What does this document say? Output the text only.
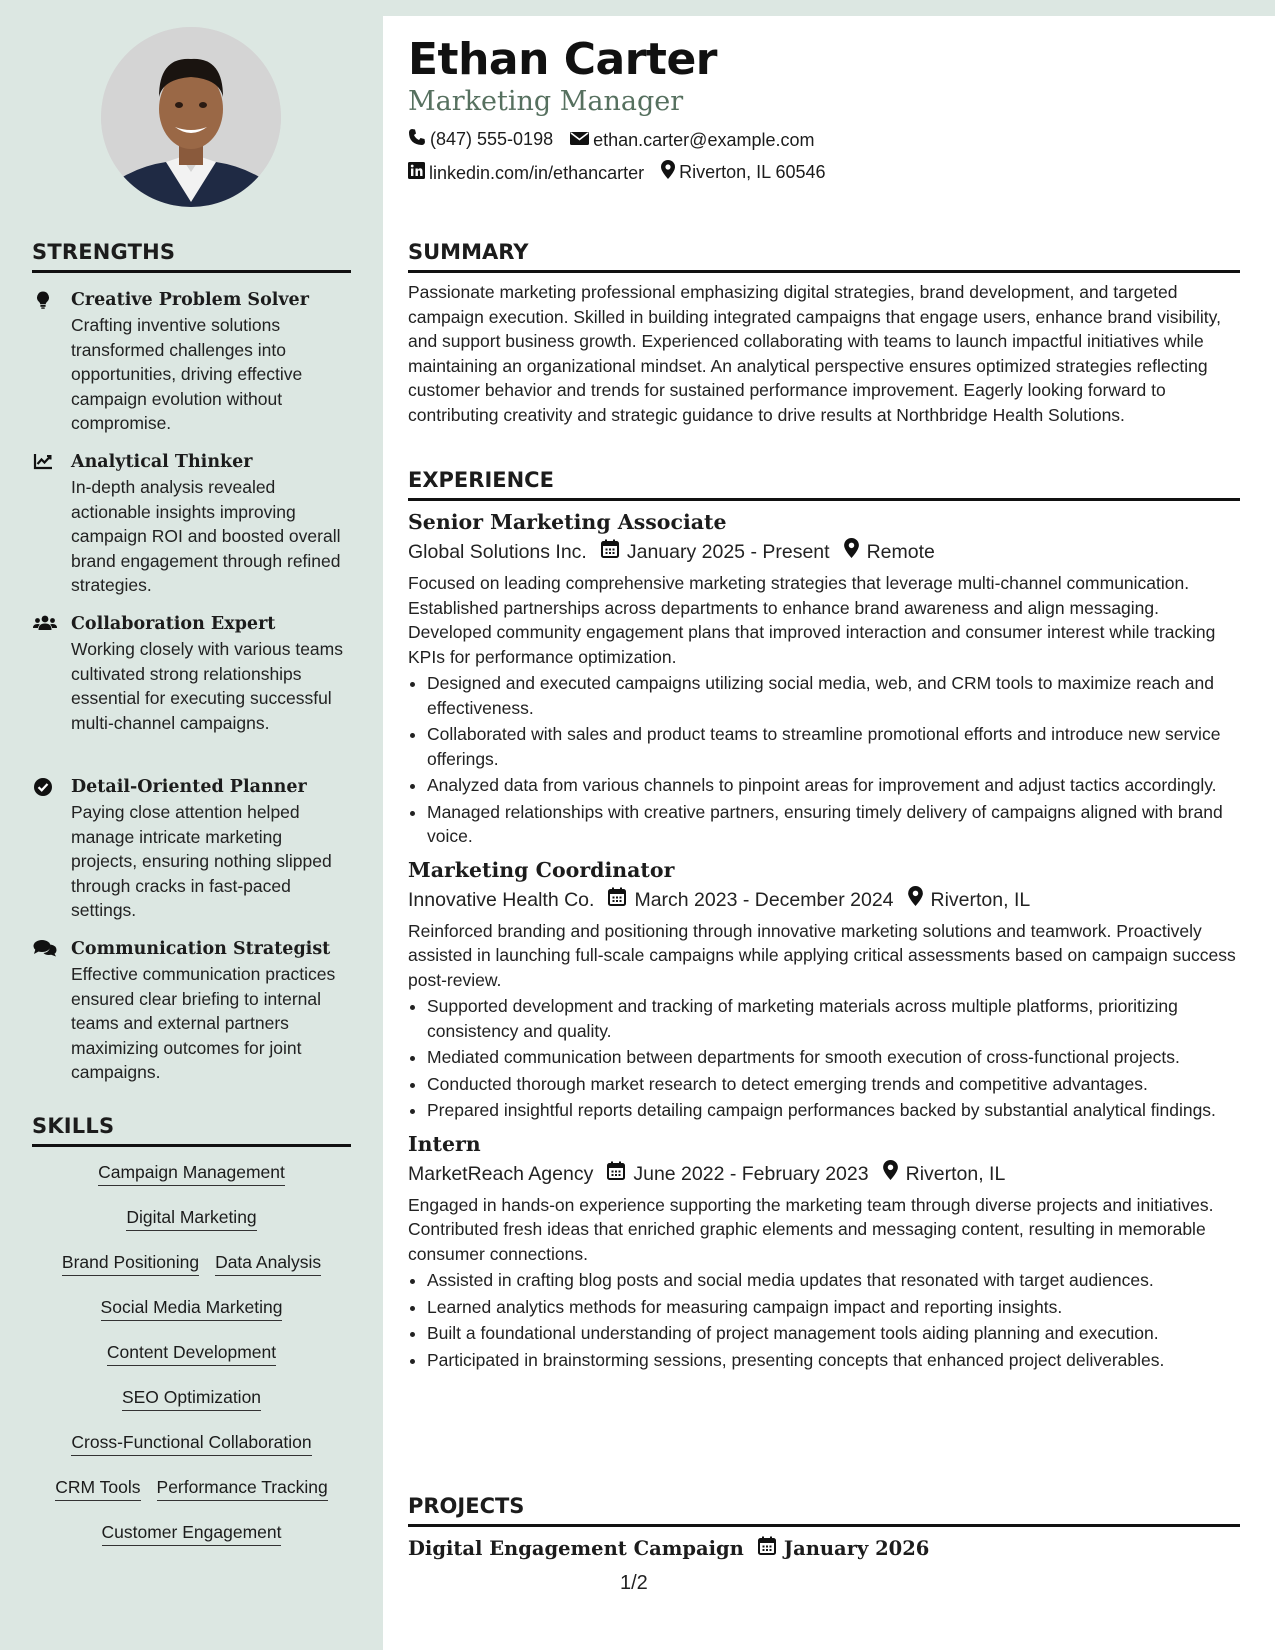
STRENGTHS
Creative Problem Solver
Crafting inventive solutions transformed challenges into opportunities, driving effective campaign evolution without compromise.
Analytical Thinker
In-depth analysis revealed actionable insights improving campaign ROI and boosted overall brand engagement through refined strategies.
Collaboration Expert
Working closely with various teams cultivated strong relationships essential for executing successful multi-channel campaigns.
Detail-Oriented Planner
Paying close attention helped manage intricate marketing projects, ensuring nothing slipped through cracks in fast-paced settings.
Communication Strategist
Effective communication practices ensured clear briefing to internal teams and external partners maximizing outcomes for joint campaigns.
SKILLS
Campaign Management
Digital Marketing
Brand Positioning Data Analysis
Social Media Marketing
Content Development
SEO Optimization
Cross-Functional Collaboration
CRM Tools Performance Tracking
Customer Engagement
Ethan Carter
Marketing Manager
(847) 555-0198
ethan.carter@example.com
linkedin.com/in/ethancarter
Riverton, IL 60546
SUMMARY
Passionate marketing professional emphasizing digital strategies, brand development, and targeted campaign execution. Skilled in building integrated campaigns that engage users, enhance brand visibility, and support business growth. Experienced collaborating with teams to launch impactful initiatives while maintaining an organizational mindset. An analytical perspective ensures optimized strategies reflecting customer behavior and trends for sustained performance improvement. Eagerly looking forward to contributing creativity and strategic guidance to drive results at Northbridge Health Solutions.
EXPERIENCE
Senior Marketing Associate
Global Solutions Inc. January 2025 - Present Remote
Focused on leading comprehensive marketing strategies that leverage multi-channel communication. Established partnerships across departments to enhance brand awareness and align messaging. Developed community engagement plans that improved interaction and consumer interest while tracking KPIs for performance optimization.
• Designed and executed campaigns utilizing social media, web, and CRM tools to maximize reach and effectiveness.
• Collaborated with sales and product teams to streamline promotional efforts and introduce new service offerings.
• Analyzed data from various channels to pinpoint areas for improvement and adjust tactics accordingly.
• Managed relationships with creative partners, ensuring timely delivery of campaigns aligned with brand voice.
Marketing Coordinator
Innovative Health Co. March 2023 - December 2024 Riverton, IL
Reinforced branding and positioning through innovative marketing solutions and teamwork. Proactively assisted in launching full-scale campaigns while applying critical assessments based on campaign success post-review.
• Supported development and tracking of marketing materials across multiple platforms, prioritizing consistency and quality.
• Mediated communication between departments for smooth execution of cross-functional projects.
• Conducted thorough market research to detect emerging trends and competitive advantages.
• Prepared insightful reports detailing campaign performances backed by substantial analytical findings.
Intern
MarketReach Agency June 2022 - February 2023 Riverton, IL
Engaged in hands-on experience supporting the marketing team through diverse projects and initiatives. Contributed fresh ideas that enriched graphic elements and messaging content, resulting in memorable consumer connections.
• Assisted in crafting blog posts and social media updates that resonated with target audiences.
• Learned analytics methods for measuring campaign impact and reporting insights.
• Built a foundational understanding of project management tools aiding planning and execution.
• Participated in brainstorming sessions, presenting concepts that enhanced project deliverables.
PROJECTS
Digital Engagement Campaign January 2026
1/2
